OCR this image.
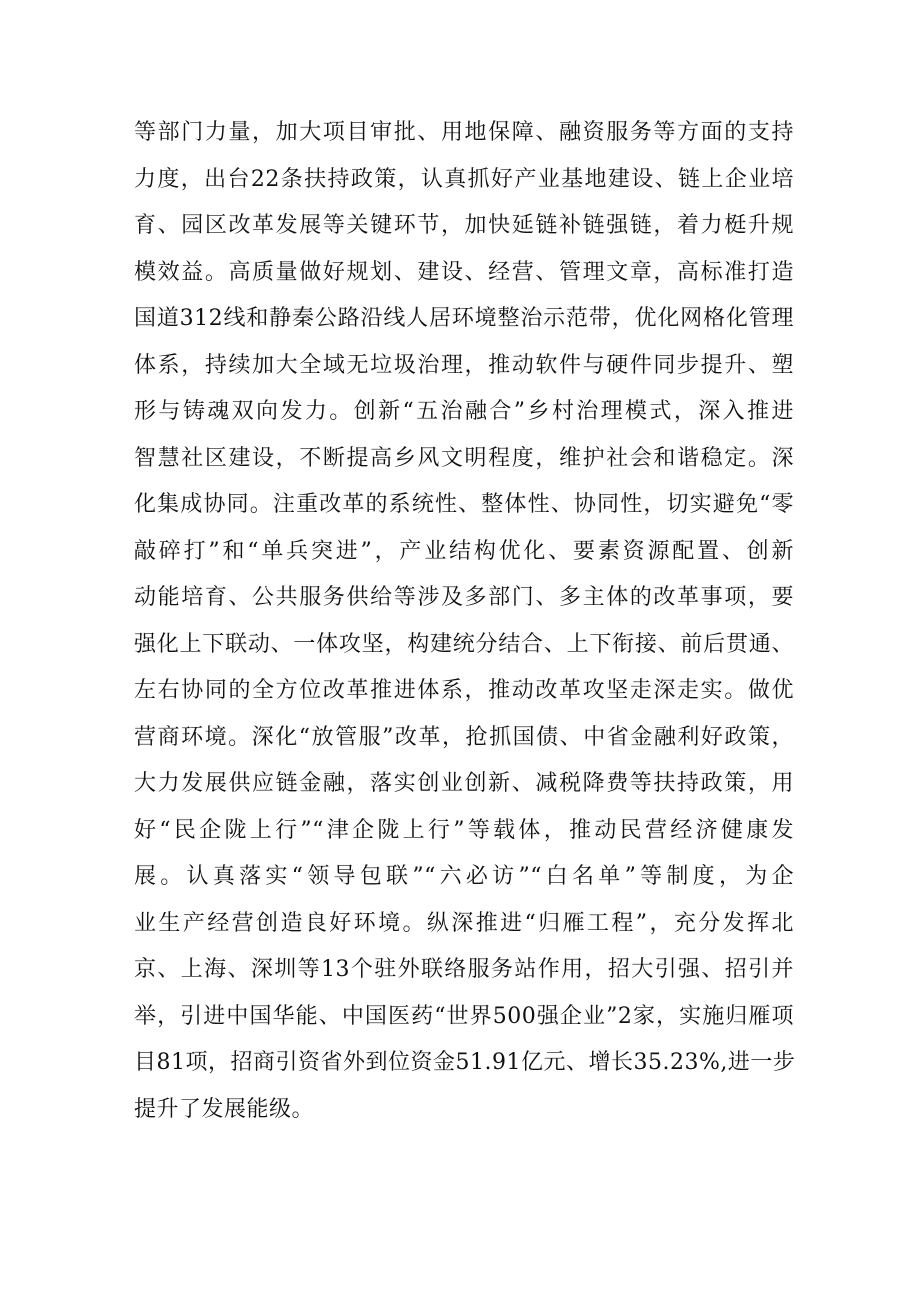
等部门力量，加大项目审批、用地保障、融资服务等方面的支持
力度，出台22条扶持政策，认真抓好产业基地建设、链上企业培
育、园区改革发展等关键环节，加快延链补链强链，着力梃升规
模效益。高质量做好规划、建设、经营、管理文章，高标准打造
国道312线和静秦公路沿线人居环境整治示范带，优化网格化管理
体系，持续加大全域无垃圾治理，推动软件与硬件同步提升、塑
形与铸魂双向发力。创新“五治融合”乡村治理模式，深入推进
智慧社区建设，不断提高乡风文明程度，维护社会和谐稳定。深
化集成协同。注重改革的系统性、整体性、协同性，切实避免“零
敲碎打”和“单兵突进”，产业结构优化、要素资源配置、创新
动能培育、公共服务供给等涉及多部门、多主体的改革事项，要
强化上下联动、一体攻坚，构建统分结合、上下衔接、前后贯通、
左右协同的全方位改革推进体系，推动改革攻坚走深走实。做优
营商环境。深化“放管服”改革，抢抓国债、中省金融利好政策，
大力发展供应链金融，落实创业创新、减税降费等扶持政策，用
好“民企陇上行”“津企陇上行”等载体，推动民营经济健康发
展。认真落实“领导包联”“六必访”“白名单”等制度，为企
业生产经营创造良好环境。纵深推进“归雁工程”，充分发挥北
京、上海、深圳等13个驻外联络服务站作用，招大引强、招引并
举，引进中国华能、中国医药“世界500强企业”2家，实施归雁项
目81项，招商引资省外到位资金51.91亿元、增长35.23%,进一步
提升了发展能级。
